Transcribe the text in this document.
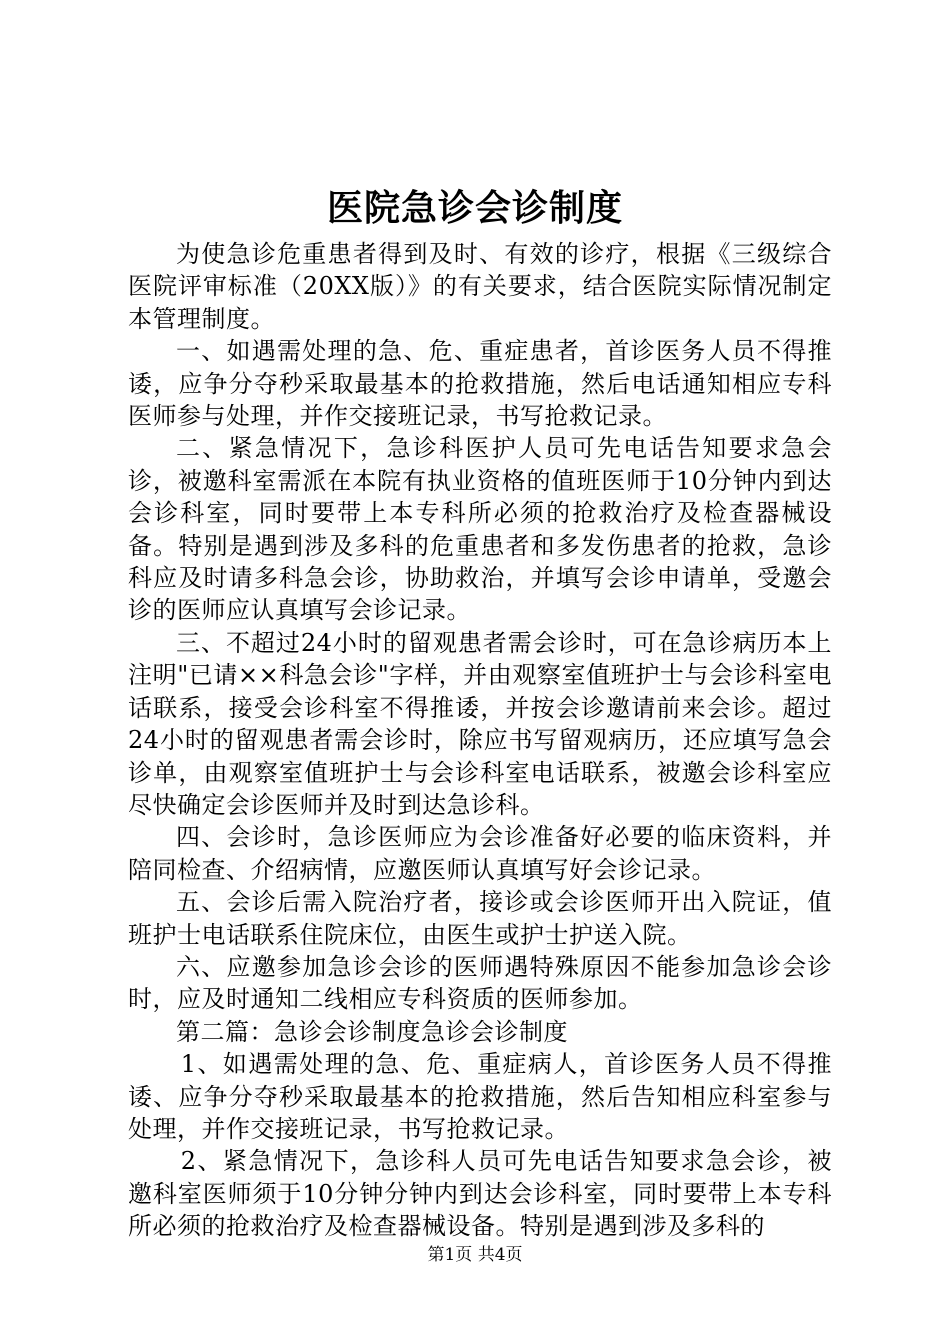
医院急诊会诊制度

为使急诊危重患者得到及时、有效的诊疗，根据《三级综合医院评审标准（20XX版）》的有关要求，结合医院实际情况制定本管理制度。

一、如遇需处理的急、危、重症患者，首诊医务人员不得推诿，应争分夺秒采取最基本的抢救措施，然后电话通知相应专科医师参与处理，并作交接班记录，书写抢救记录。

二、紧急情况下，急诊科医护人员可先电话告知要求急会诊，被邀科室需派在本院有执业资格的值班医师于10分钟内到达会诊科室，同时要带上本专科所必须的抢救治疗及检查器械设备。特别是遇到涉及多科的危重患者和多发伤患者的抢救，急诊科应及时请多科急会诊，协助救治，并填写会诊申请单，受邀会诊的医师应认真填写会诊记录。

三、不超过24小时的留观患者需会诊时，可在急诊病历本上注明"已请××科急会诊"字样，并由观察室值班护士与会诊科室电话联系，接受会诊科室不得推诿，并按会诊邀请前来会诊。超过24小时的留观患者需会诊时，除应书写留观病历，还应填写急会诊单，由观察室值班护士与会诊科室电话联系，被邀会诊科室应尽快确定会诊医师并及时到达急诊科。

四、会诊时，急诊医师应为会诊准备好必要的临床资料，并陪同检查、介绍病情，应邀医师认真填写好会诊记录。

五、会诊后需入院治疗者，接诊或会诊医师开出入院证，值班护士电话联系住院床位，由医生或护士护送入院。

六、应邀参加急诊会诊的医师遇特殊原因不能参加急诊会诊时，应及时通知二线相应专科资质的医师参加。

第二篇：急诊会诊制度急诊会诊制度

1、如遇需处理的急、危、重症病人，首诊医务人员不得推诿、应争分夺秒采取最基本的抢救措施，然后告知相应科室参与处理，并作交接班记录，书写抢救记录。

2、紧急情况下，急诊科人员可先电话告知要求急会诊，被邀科室医师须于10分钟分钟内到达会诊科室，同时要带上本专科所必须的抢救治疗及检查器械设备。特别是遇到涉及多科的

第1页 共4页
